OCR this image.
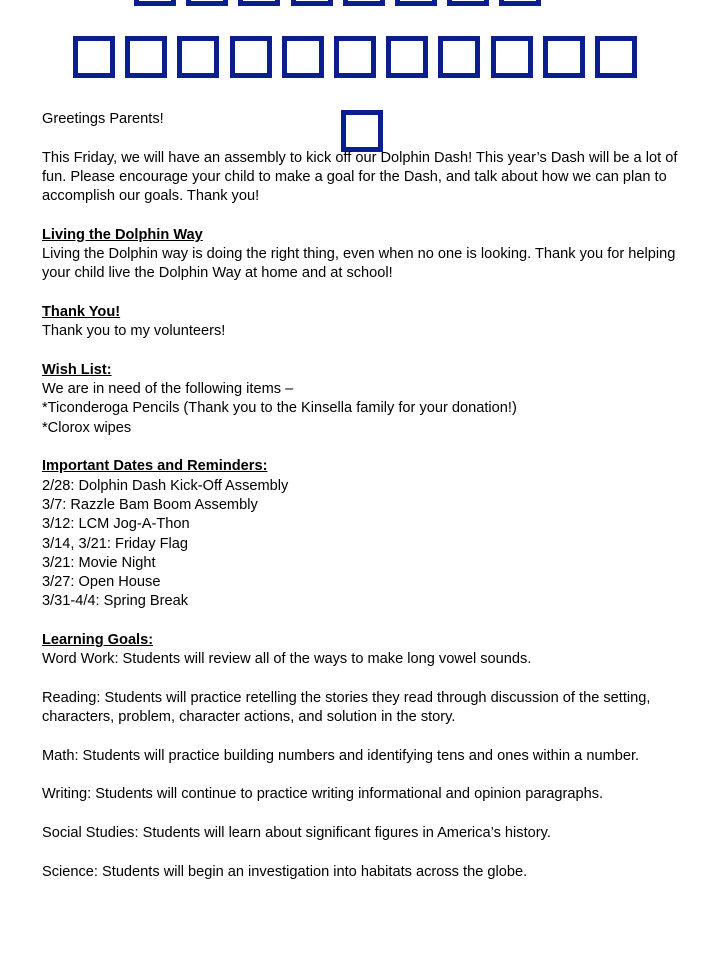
Greetings Parents!

This Friday, we will have an assembly to kick off our Dolphin Dash! This year’s Dash will be a lot of fun. Please encourage your child to make a goal for the Dash, and talk about how we can plan to accomplish our goals. Thank you!

Living the Dolphin Way

Living the Dolphin way is doing the right thing, even when no one is looking. Thank you for helping your child live the Dolphin Way at home and at school!

Thank You!

Thank you to my volunteers!

Wish List:

We are in need of the following items –

*Ticonderoga Pencils (Thank you to the Kinsella family for your donation!)

*Clorox wipes

Important Dates and Reminders:

2/28: Dolphin Dash Kick-Off Assembly

3/7: Razzle Bam Boom Assembly

3/12: LCM Jog-A-Thon

3/14, 3/21: Friday Flag

3/21: Movie Night

3/27: Open House

3/31-4/4: Spring Break

Learning Goals:

Word Work: Students will review all of the ways to make long vowel sounds.

Reading: Students will practice retelling the stories they read through discussion of the setting, characters, problem, character actions, and solution in the story.

Math: Students will practice building numbers and identifying tens and ones within a number.

Writing: Students will continue to practice writing informational and opinion paragraphs.

Social Studies: Students will learn about significant figures in America’s history.

Science: Students will begin an investigation into habitats across the globe.
